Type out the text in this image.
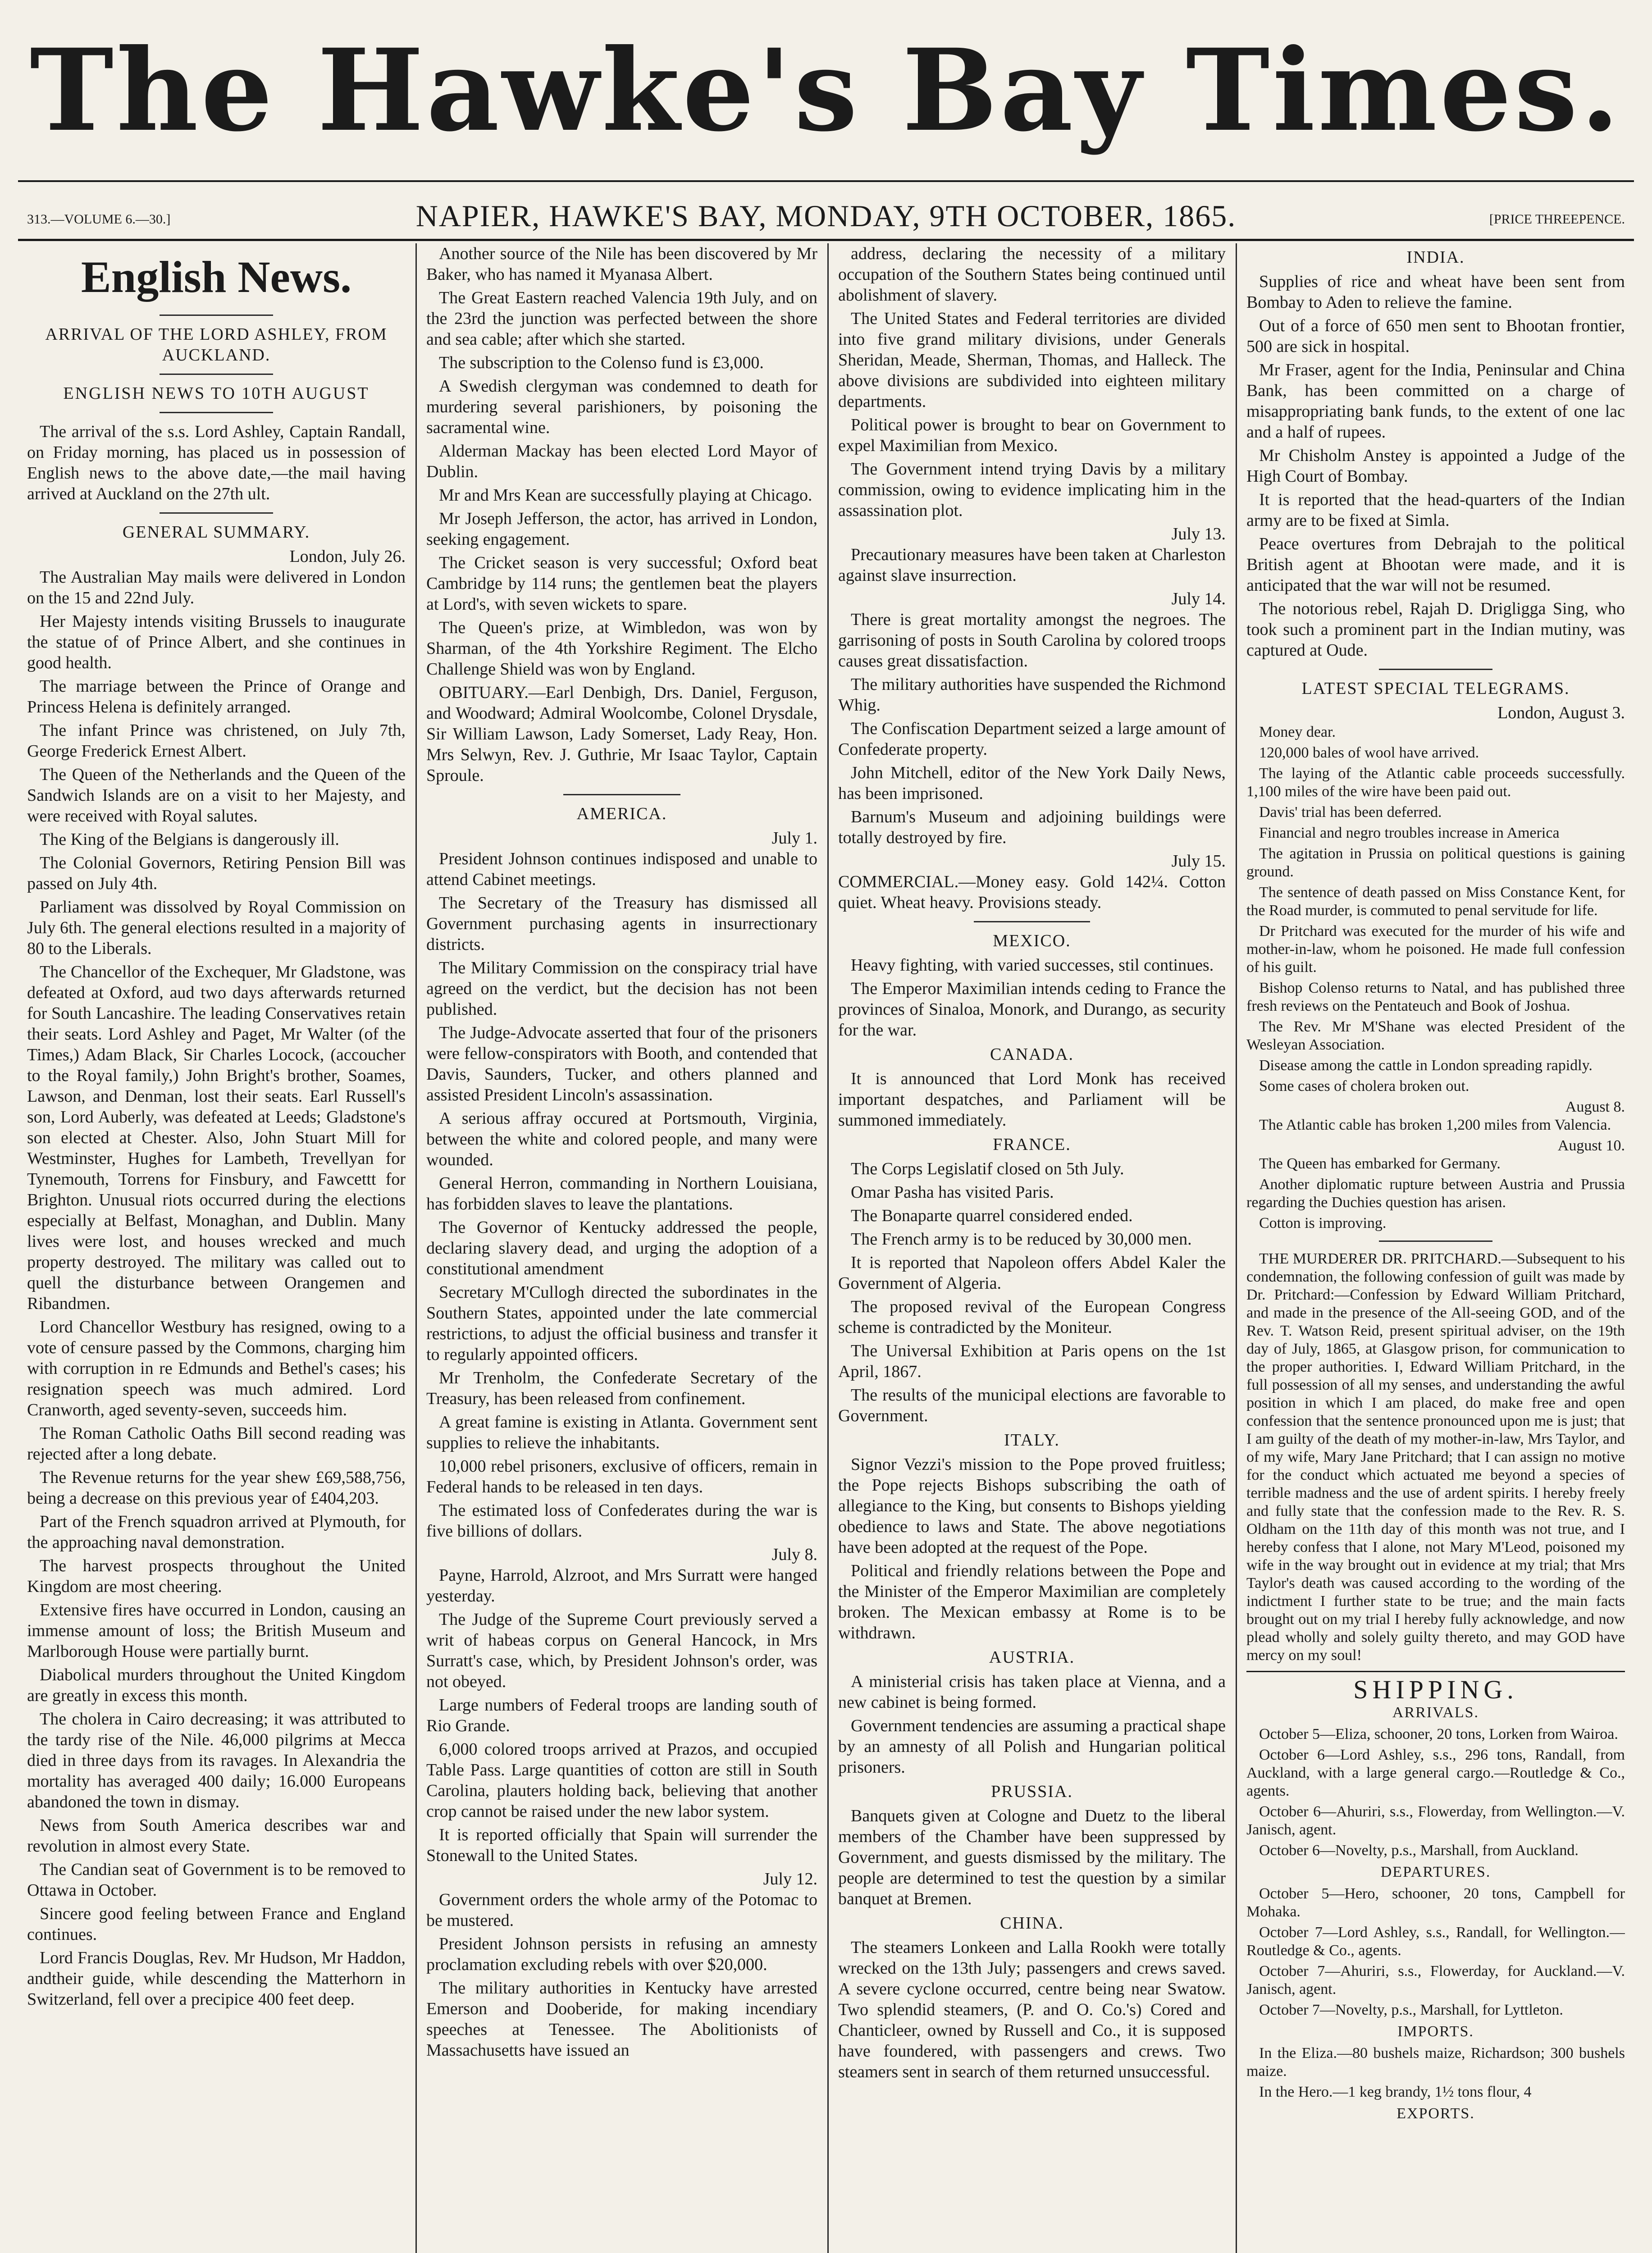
The Hawke's Bay Times.
313.—VOLUME 6.—30.]	NAPIER, HAWKE'S BAY, MONDAY, 9TH OCTOBER, 1865.	[PRICE THREEPENCE.
English News.
ARRIVAL OF THE LORD ASHLEY, FROM AUCKLAND.
ENGLISH NEWS TO 10TH AUGUST

The arrival of the s.s. Lord Ashley, Captain Randall, on Friday morning, has placed us in possession of English news to the above date,—the mail having arrived at Auckland on the 27th ult.

GENERAL SUMMARY.
London, July 26.

The Australian May mails were delivered in London on the 15 and 22nd July.

Her Majesty intends visiting Brussels to inaugurate the statue of of Prince Albert, and she continues in good health.

The marriage between the Prince of Orange and Princess Helena is definitely arranged.

The infant Prince was christened, on July 7th, George Frederick Ernest Albert.

The Queen of the Netherlands and the Queen of the Sandwich Islands are on a visit to her Majesty, and were received with Royal salutes.

The King of the Belgians is dangerously ill.

The Colonial Governors, Retiring Pension Bill was passed on July 4th.

Parliament was dissolved by Royal Commission on July 6th. The general elections resulted in a majority of 80 to the Liberals.

The Chancellor of the Exchequer, Mr Gladstone, was defeated at Oxford, aud two days afterwards returned for South Lancashire. The leading Conservatives retain their seats. Lord Ashley and Paget, Mr Walter (of the Times,) Adam Black, Sir Charles Locock, (accoucher to the Royal family,) John Bright's brother, Soames, Lawson, and Denman, lost their seats. Earl Russell's son, Lord Auberly, was defeated at Leeds; Gladstone's son elected at Chester. Also, John Stuart Mill for Westminster, Hughes for Lambeth, Trevellyan for Tynemouth, Torrens for Finsbury, and Fawcettt for Brighton. Unusual riots occurred during the elections especially at Belfast, Monaghan, and Dublin. Many lives were lost, and houses wrecked and much property destroyed. The military was called out to quell the disturbance between Orangemen and Ribandmen.

Lord Chancellor Westbury has resigned, owing to a vote of censure passed by the Commons, charging him with corruption in re Edmunds and Bethel's cases; his resignation speech was much admired. Lord Cranworth, aged seventy-seven, succeeds him.

The Roman Catholic Oaths Bill second reading was rejected after a long debate.

The Revenue returns for the year shew £69,588,756, being a decrease on this previous year of £404,203.

Part of the French squadron arrived at Plymouth, for the approaching naval demonstration.

The harvest prospects throughout the United Kingdom are most cheering.

Extensive fires have occurred in London, causing an immense amount of loss; the British Museum and Marlborough House were partially burnt.

Diabolical murders throughout the United Kingdom are greatly in excess this month.

The cholera in Cairo decreasing; it was attributed to the tardy rise of the Nile. 46,000 pilgrims at Mecca died in three days from its ravages. In Alexandria the mortality has averaged 400 daily; 16.000 Europeans abandoned the town in dismay.

News from South America describes war and revolution in almost every State.

The Candian seat of Government is to be removed to Ottawa in October.

Sincere good feeling between France and England continues.

Lord Francis Douglas, Rev. Mr Hudson, Mr Haddon, andtheir guide, while descending the Matterhorn in Switzerland, fell over a precipice 400 feet deep.

Another source of the Nile has been discovered by Mr Baker, who has named it Myanasa Albert.

The Great Eastern reached Valencia 19th July, and on the 23rd the junction was perfected between the shore and sea cable; after which she started.

The subscription to the Colenso fund is £3,000.

A Swedish clergyman was condemned to death for murdering several parishioners, by poisoning the sacramental wine.

Alderman Mackay has been elected Lord Mayor of Dublin.

Mr and Mrs Kean are successfully playing at Chicago.

Mr Joseph Jefferson, the actor, has arrived in London, seeking engagement.

The Cricket season is very successful; Oxford beat Cambridge by 114 runs; the gentlemen beat the players at Lord's, with seven wickets to spare.

The Queen's prize, at Wimbledon, was won by Sharman, of the 4th Yorkshire Regiment. The Elcho Challenge Shield was won by England.

OBITUARY.—Earl Denbigh, Drs. Daniel, Ferguson, and Woodward; Admiral Woolcombe, Colonel Drysdale, Sir William Lawson, Lady Somerset, Lady Reay, Hon. Mrs Selwyn, Rev. J. Guthrie, Mr Isaac Taylor, Captain Sproule.

AMERICA.
July 1.

President Johnson continues indisposed and unable to attend Cabinet meetings.

The Secretary of the Treasury has dismissed all Government purchasing agents in insurrectionary districts.

The Military Commission on the conspiracy trial have agreed on the verdict, but the decision has not been published.

The Judge-Advocate asserted that four of the prisoners were fellow-conspirators with Booth, and contended that Davis, Saunders, Tucker, and others planned and assisted President Lincoln's assassination.

A serious affray occured at Portsmouth, Virginia, between the white and colored people, and many were wounded.

General Herron, commanding in Northern Louisiana, has forbidden slaves to leave the plantations.

The Governor of Kentucky addressed the people, declaring slavery dead, and urging the adoption of a constitutional amendment

Secretary M'Cullogh directed the subordinates in the Southern States, appointed under the late commercial restrictions, to adjust the official business and transfer it to regularly appointed officers.

Mr Trenholm, the Confederate Secretary of the Treasury, has been released from confinement.

A great famine is existing in Atlanta. Government sent supplies to relieve the inhabitants.

10,000 rebel prisoners, exclusive of officers, remain in Federal hands to be released in ten days.

The estimated loss of Confederates during the war is five billions of dollars.

July 8.

Payne, Harrold, Alzroot, and Mrs Surratt were hanged yesterday.

The Judge of the Supreme Court previously served a writ of habeas corpus on General Hancock, in Mrs Surratt's case, which, by President Johnson's order, was not obeyed.

Large numbers of Federal troops are landing south of Rio Grande.

6,000 colored troops arrived at Prazos, and occupied Table Pass. Large quantities of cotton are still in South Carolina, plauters holding back, believing that another crop cannot be raised under the new labor system.

It is reported officially that Spain will surrender the Stonewall to the United States.

July 12.

Government orders the whole army of the Potomac to be mustered.

President Johnson persists in refusing an amnesty proclamation excluding rebels with over $20,000.

The military authorities in Kentucky have arrested Emerson and Dooberide, for making incendiary speeches at Tenessee. The Abolitionists of Massachusetts have issued an

address, declaring the necessity of a military occupation of the Southern States being continued until abolishment of slavery.

The United States and Federal territories are divided into five grand military divisions, under Generals Sheridan, Meade, Sherman, Thomas, and Halleck. The above divisions are subdivided into eighteen military departments.

Political power is brought to bear on Government to expel Maximilian from Mexico.

The Government intend trying Davis by a military commission, owing to evidence implicating him in the assassination plot.

July 13.

Precautionary measures have been taken at Charleston against slave insurrection.

July 14.

There is great mortality amongst the negroes. The garrisoning of posts in South Carolina by colored troops causes great dissatisfaction.

The military authorities have suspended the Richmond Whig.

The Confiscation Department seized a large amount of Confederate property.

John Mitchell, editor of the New York Daily News, has been imprisoned.

Barnum's Museum and adjoining buildings were totally destroyed by fire.

July 15.

COMMERCIAL.—Money easy. Gold 142¼. Cotton quiet. Wheat heavy. Provisions steady.

MEXICO.

Heavy fighting, with varied successes, stil continues.

The Emperor Maximilian intends ceding to France the provinces of Sinaloa, Monork, and Durango, as security for the war.

CANADA.

It is announced that Lord Monk has received important despatches, and Parliament will be summoned immediately.

FRANCE.

The Corps Legislatif closed on 5th July.

Omar Pasha has visited Paris.

The Bonaparte quarrel considered ended.

The French army is to be reduced by 30,000 men.

It is reported that Napoleon offers Abdel Kaler the Government of Algeria.

The proposed revival of the European Congress scheme is contradicted by the Moniteur.

The Universal Exhibition at Paris opens on the 1st April, 1867.

The results of the municipal elections are favorable to Government.

ITALY.

Signor Vezzi's mission to the Pope proved fruitless; the Pope rejects Bishops subscribing the oath of allegiance to the King, but consents to Bishops yielding obedience to laws and State. The above negotiations have been adopted at the request of the Pope.

Political and friendly relations between the Pope and the Minister of the Emperor Maximilian are completely broken. The Mexican embassy at Rome is to be withdrawn.

AUSTRIA.

A ministerial crisis has taken place at Vienna, and a new cabinet is being formed.

Government tendencies are assuming a practical shape by an amnesty of all Polish and Hungarian political prisoners.

PRUSSIA.

Banquets given at Cologne and Duetz to the liberal members of the Chamber have been suppressed by Government, and guests dismissed by the military. The people are determined to test the question by a similar banquet at Bremen.

CHINA.

The steamers Lonkeen and Lalla Rookh were totally wrecked on the 13th July; passengers and crews saved. A severe cyclone occurred, centre being near Swatow. Two splendid steamers, (P. and O. Co.'s) Cored and Chanticleer, owned by Russell and Co., it is supposed have foundered, with passengers and crews. Two steamers sent in search of them returned unsuccessful.

INDIA.

Supplies of rice and wheat have been sent from Bombay to Aden to relieve the famine.

Out of a force of 650 men sent to Bhootan frontier, 500 are sick in hospital.

Mr Fraser, agent for the India, Peninsular and China Bank, has been committed on a charge of misappropriating bank funds, to the extent of one lac and a half of rupees.

Mr Chisholm Anstey is appointed a Judge of the High Court of Bombay.

It is reported that the head-quarters of the Indian army are to be fixed at Simla.

Peace overtures from Debrajah to the political British agent at Bhootan were made, and it is anticipated that the war will not be resumed.

The notorious rebel, Rajah D. Drigligga Sing, who took such a prominent part in the Indian mutiny, was captured at Oude.

LATEST SPECIAL TELEGRAMS.
London, August 3.

Money dear.

120,000 bales of wool have arrived.

The laying of the Atlantic cable proceeds successfully. 1,100 miles of the wire have been paid out.

Davis' trial has been deferred.

Financial and negro troubles increase in America

The agitation in Prussia on political questions is gaining ground.

The sentence of death passed on Miss Constance Kent, for the Road murder, is commuted to penal servitude for life.

Dr Pritchard was executed for the murder of his wife and mother-in-law, whom he poisoned. He made full confession of his guilt.

Bishop Colenso returns to Natal, and has published three fresh reviews on the Pentateuch and Book of Joshua.

The Rev. Mr M'Shane was elected President of the Wesleyan Association.

Disease among the cattle in London spreading rapidly.

Some cases of cholera broken out.

August 8.

The Atlantic cable has broken 1,200 miles from Valencia.

August 10.

The Queen has embarked for Germany.

Another diplomatic rupture between Austria and Prussia regarding the Duchies question has arisen.

Cotton is improving.

THE MURDERER DR. PRITCHARD.—Subsequent to his condemnation, the following confession of guilt was made by Dr. Pritchard:—Confession by Edward William Pritchard, and made in the presence of the All-seeing GOD, and of the Rev. T. Watson Reid, present spiritual adviser, on the 19th day of July, 1865, at Glasgow prison, for communication to the proper authorities. I, Edward William Pritchard, in the full possession of all my senses, and understanding the awful position in which I am placed, do make free and open confession that the sentence pronounced upon me is just; that I am guilty of the death of my mother-in-law, Mrs Taylor, and of my wife, Mary Jane Pritchard; that I can assign no motive for the conduct which actuated me beyond a species of terrible madness and the use of ardent spirits. I hereby freely and fully state that the confession made to the Rev. R. S. Oldham on the 11th day of this month was not true, and I hereby confess that I alone, not Mary M'Leod, poisoned my wife in the way brought out in evidence at my trial; that Mrs Taylor's death was caused according to the wording of the indictment I further state to be true; and the main facts brought out on my trial I hereby fully acknowledge, and now plead wholly and solely guilty thereto, and may GOD have mercy on my soul!

SHIPPING.
ARRIVALS.

October 5—Eliza, schooner, 20 tons, Lorken from Wairoa.

October 6—Lord Ashley, s.s., 296 tons, Randall, from Auckland, with a large general cargo.—Routledge & Co., agents.

October 6—Ahuriri, s.s., Flowerday, from Wellington.—V. Janisch, agent.

October 6—Novelty, p.s., Marshall, from Auckland.

DEPARTURES.

October 5—Hero, schooner, 20 tons, Campbell for Mohaka.

October 7—Lord Ashley, s.s., Randall, for Wellington.—Routledge & Co., agents.

October 7—Ahuriri, s.s., Flowerday, for Auckland.—V. Janisch, agent.

October 7—Novelty, p.s., Marshall, for Lyttleton.

IMPORTS.

In the Eliza.—80 bushels maize, Richardson; 300 bushels maize.

In the Hero.—1 keg brandy, 1½ tons flour, 4

EXPORTS.
